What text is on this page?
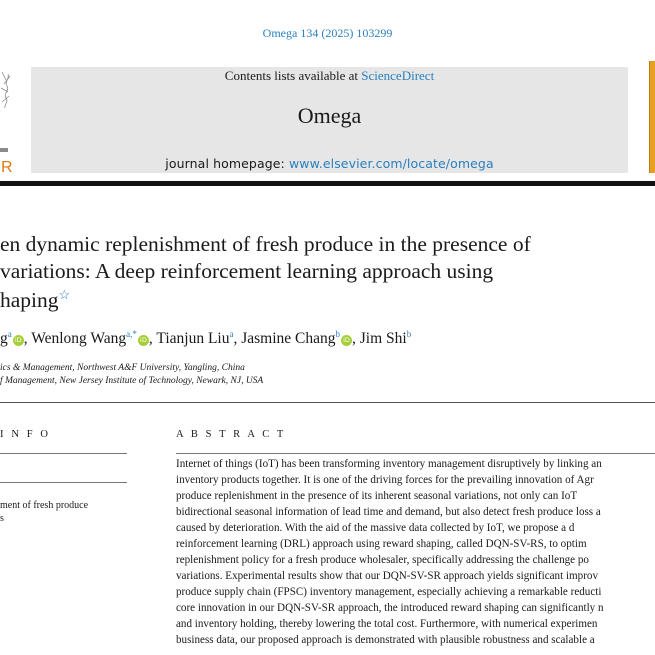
Omega 134 (2025) 103299
R
Contents lists available at ScienceDirect
Omega
journal homepage: www.elsevier.com/locate/omega
en dynamic replenishment of fresh produce in the presence of
variations: A deep reinforcement learning approach using
haping☆
$g^aiD$ , Wenlong Wang$^{a,*}$iD , Tianjun Liu$^a$, Jasmine Chang$^b$iD , Jim Shi$^b$
ics & Management, Northwest A&F University, Yangling, China
f Management, New Jersey Institute of Technology, Newark, NJ, USA
I N F O
ment of fresh produce
s
A B S T R A C T
Internet of things (IoT) has been transforming inventory management disruptively by linking an
inventory products together. It is one of the driving forces for the prevailing innovation of Agr
produce replenishment in the presence of its inherent seasonal variations, not only can IoT
bidirectional seasonal information of lead time and demand, but also detect fresh produce loss a
caused by deterioration. With the aid of the massive data collected by IoT, we propose a d
reinforcement learning (DRL) approach using reward shaping, called DQN-SV-RS, to optim
replenishment policy for a fresh produce wholesaler, specifically addressing the challenge po
variations. Experimental results show that our DQN-SV-SR approach yields significant improv
produce supply chain (FPSC) inventory management, especially achieving a remarkable reducti
core innovation in our DQN-SV-SR approach, the introduced reward shaping can significantly n
and inventory holding, thereby lowering the total cost. Furthermore, with numerical experimen
business data, our proposed approach is demonstrated with plausible robustness and scalable a
